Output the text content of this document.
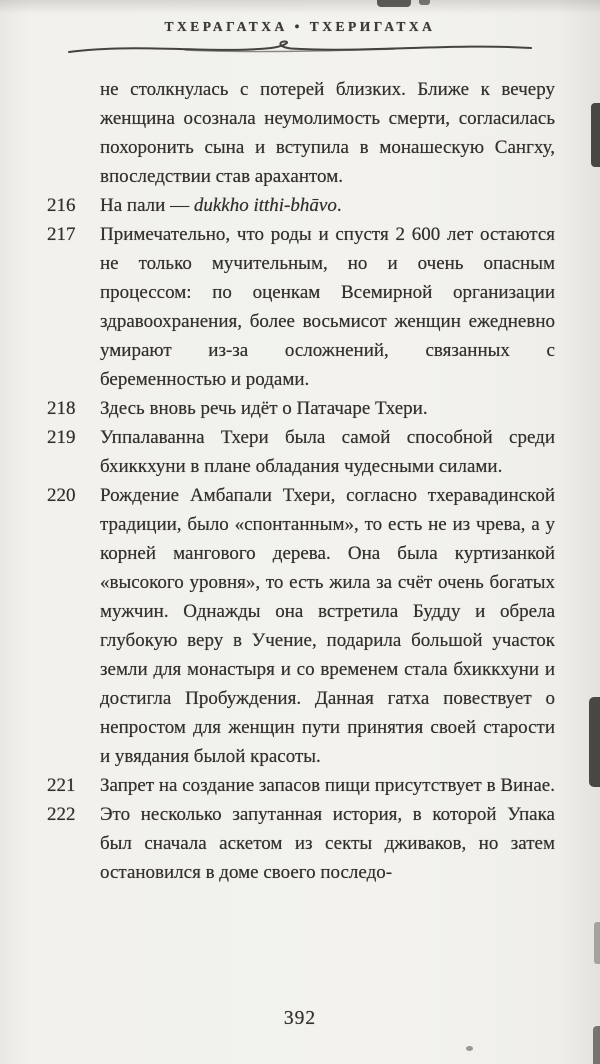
ТХЕРАГАТХА • ТХЕРИГАТХА
не столкнулась с потерей близких. Ближе к вечеру женщина осознала неумолимость смерти, согласилась похоронить сына и вступила в монашескую Сангху, впоследствии став арахантом.
216	На пали — dukkho itthi-bhāvo.
217	Примечательно, что роды и спустя 2 600 лет остаются не только мучительным, но и очень опасным процессом: по оценкам Всемирной организации здравоохранения, более восьмисот женщин ежедневно умирают из-за осложнений, связанных с беременностью и родами.
218	Здесь вновь речь идёт о Патачаре Тхери.
219	Уппалаванна Тхери была самой способной среди бхиккхуни в плане обладания чудесными силами.
220	Рождение Амбапали Тхери, согласно тхеравадинской традиции, было «спонтанным», то есть не из чрева, а у корней мангового дерева. Она была куртизанкой «высокого уровня», то есть жила за счёт очень богатых мужчин. Однажды она встретила Будду и обрела глубокую веру в Учение, подарила большой участок земли для монастыря и со временем стала бхиккхуни и достигла Пробуждения. Данная гатха повествует о непростом для женщин пути принятия своей старости и увядания былой красоты.
221	Запрет на создание запасов пищи присутствует в Винае.
222	Это несколько запутанная история, в которой Упака был сначала аскетом из секты дживаков, но затем остановился в доме своего последо-
392
